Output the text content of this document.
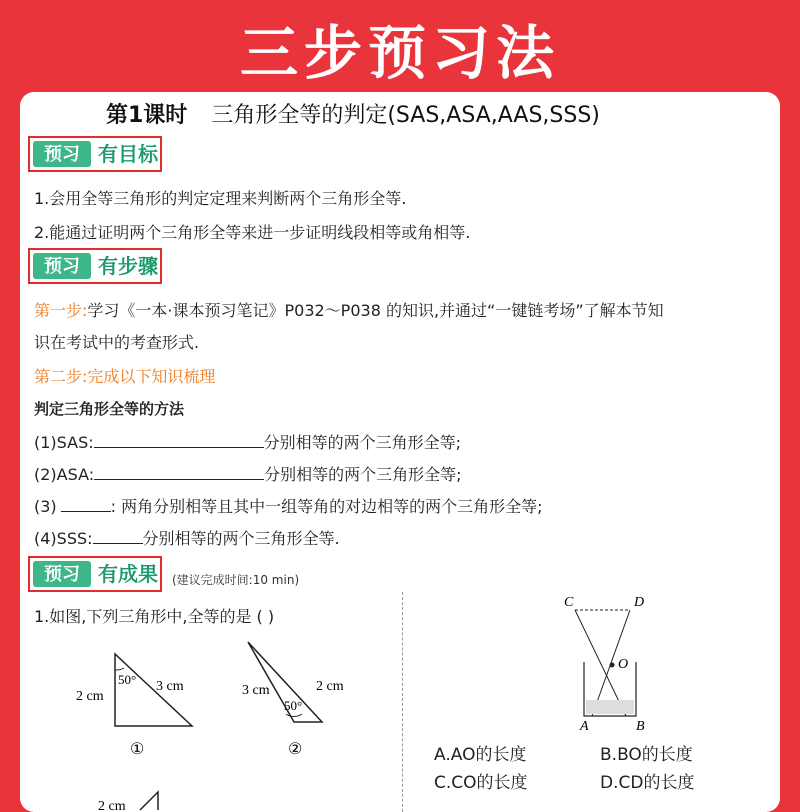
三步预习法
第1课时 三角形全等的判定(SAS,ASA,AAS,SSS)
预习 有目标
1.会用全等三角形的判定定理来判断两个三角形全等.
2.能通过证明两个三角形全等来进一步证明线段相等或角相等.
预习 有步骤
第一步:学习《一本·课本预习笔记》P032～P038 的知识,并通过“一键链考场”了解本节知
识在考试中的考查形式.
第二步:完成以下知识梳理
判定三角形全等的方法
(1)SAS:	分别相等的两个三角形全等;
(2)ASA:	分别相等的两个三角形全等;
(3)	: 两角分别相等且其中一组等角的对边相等的两个三角形全等;
(4)SSS:	分别相等的两个三角形全等.
预习 有成果 (建议完成时间:10 min)
1.如图,下列三角形中,全等的是 ( )
50°
2 cm
3 cm
①
50°
3 cm	2 cm
②
2 cm
C	D
O
A	B
A.AO的长度	B.BO的长度
C.CO的长度	D.CD的长度
